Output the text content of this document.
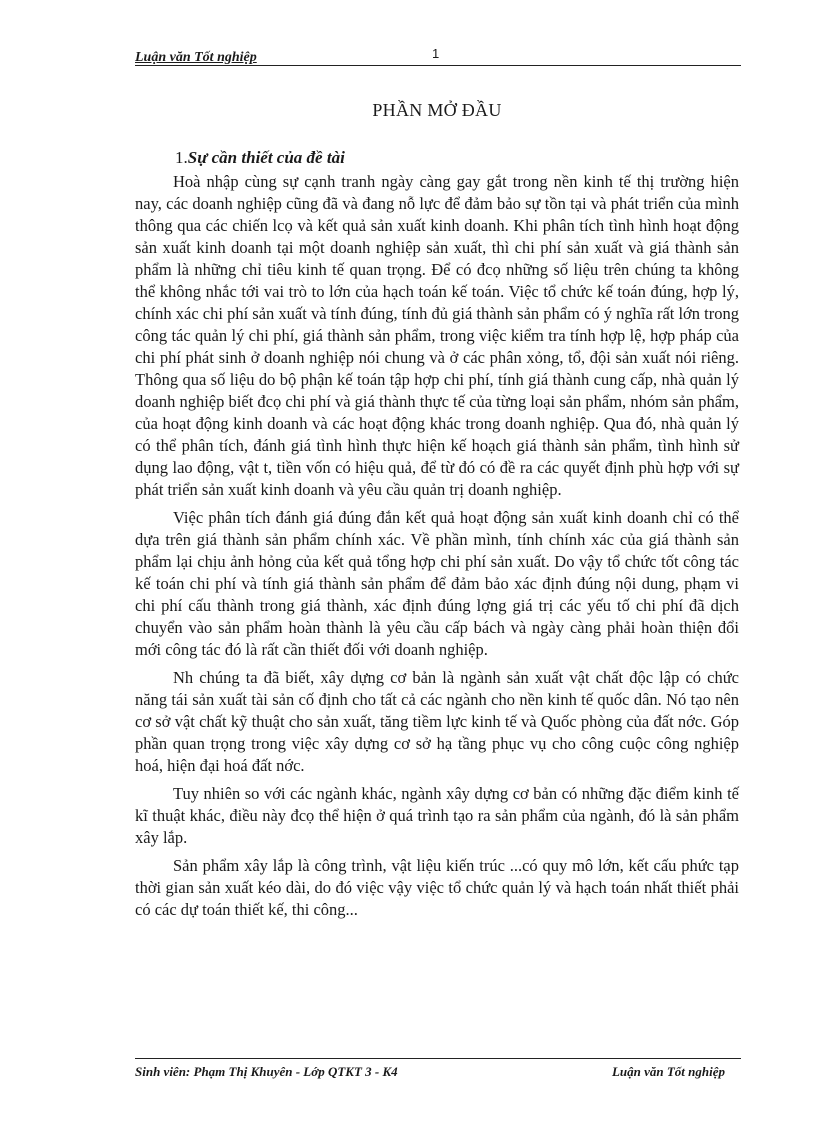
Luận văn Tốt nghiệp	1
PHẦN MỞ ĐẦU
1.Sự cần thiết của đề tài

Hoà nhập cùng sự cạnh tranh ngày càng gay gắt trong nền kinh tế thị trường hiện nay, các doanh nghiệp cũng đã và đang nỗ lực để đảm bảo sự tồn tại và phát triển của mình thông qua các chiến lcọ và kết quả sản xuất kinh doanh. Khi phân tích tình hình hoạt động sản xuất kinh doanh tại một doanh nghiệp sản xuất, thì chi phí sản xuất và giá thành sản phẩm là những chỉ tiêu kinh tế quan trọng. Để có đcọ những số liệu trên chúng ta không thể không nhắc tới vai trò to lớn của hạch toán kế toán. Việc tổ chức kế toán đúng, hợp lý, chính xác chi phí sản xuất và tính đúng, tính đủ giá thành sản phẩm có ý nghĩa rất lớn trong công tác quản lý chi phí, giá thành sản phẩm, trong việc kiểm tra tính hợp lệ, hợp pháp của chi phí phát sinh ở doanh nghiệp nói chung và ở các phân xỏng, tổ, đội sản xuất nói riêng. Thông qua số liệu do bộ phận kế toán tập hợp chi phí, tính giá thành cung cấp, nhà quản lý doanh nghiệp biết đcọ chi phí và giá thành thực tế của từng loại sản phẩm, nhóm sản phẩm, của hoạt động kinh doanh và các hoạt động khác trong doanh nghiệp. Qua đó, nhà quản lý có thể phân tích, đánh giá tình hình thực hiện kế hoạch giá thành sản phẩm, tình hình sử dụng lao động, vật t, tiền vốn có hiệu quả, để từ đó có đề ra các quyết định phù hợp với sự phát triển sản xuất kinh doanh và yêu cầu quản trị doanh nghiệp.

Việc phân tích đánh giá đúng đắn kết quả hoạt động sản xuất kinh doanh chỉ có thể dựa trên giá thành sản phẩm chính xác. Về phần mình, tính chính xác của giá thành sản phẩm lại chịu ảnh hỏng của kết quả tổng hợp chi phí sản xuất. Do vậy tổ chức tốt công tác kế toán chi phí và tính giá thành sản phẩm để đảm bảo xác định đúng nội dung, phạm vi chi phí cấu thành trong giá thành, xác định đúng lợng giá trị các yếu tố chi phí đã dịch chuyển vào sản phẩm hoàn thành là yêu cầu cấp bách và ngày càng phải hoàn thiện đổi mới công tác đó là rất cần thiết đối với doanh nghiệp.

Nh chúng ta đã biết, xây dựng cơ bản là ngành sản xuất vật chất độc lập có chức năng tái sản xuất tài sản cố định cho tất cả các ngành cho nền kinh tế quốc dân. Nó tạo nên cơ sở vật chất kỹ thuật cho sản xuất, tăng tiềm lực kinh tế và Quốc phòng của đất nớc. Góp phần quan trọng trong việc xây dựng cơ sở hạ tầng phục vụ cho công cuộc công nghiệp hoá, hiện đại hoá đất nớc.

Tuy nhiên so với các ngành khác, ngành xây dựng cơ bản có những đặc điểm kinh tế kĩ thuật khác, điều này đcọ thể hiện ở quá trình tạo ra sản phẩm của ngành, đó là sản phẩm xây lắp.

Sản phẩm xây lắp là công trình, vật liệu kiến trúc ...có quy mô lớn, kết cấu phức tạp thời gian sản xuất kéo dài, do đó việc vậy việc tổ chức quản lý và hạch toán nhất thiết phải có các dự toán thiết kế, thi công...

Sinh viên: Phạm Thị Khuyên - Lớp QTKT 3 - K4	Luận văn Tốt nghiệp
